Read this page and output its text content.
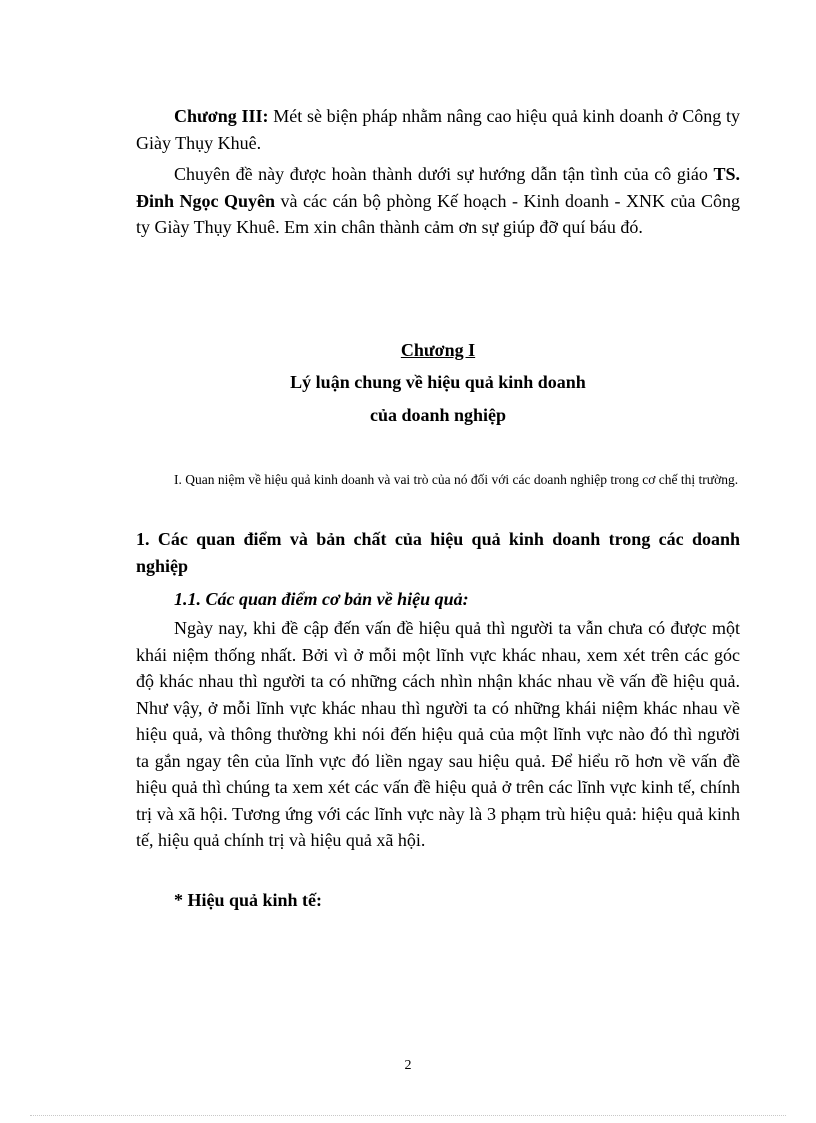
Chương III: Mét sè biện pháp nhằm nâng cao hiệu quả kinh doanh ở Công ty Giày Thụy Khuê.
Chuyên đề này được hoàn thành dưới sự hướng dẫn tận tình của cô giáo TS. Đinh Ngọc Quyên và các cán bộ phòng Kế hoạch - Kinh doanh - XNK của Công ty Giày Thụy Khuê. Em xin chân thành cảm ơn sự giúp đỡ quí báu đó.
Chương I
Lý luận chung về hiệu quả kinh doanh
của doanh nghiệp
I. Quan niệm về hiệu quả kinh doanh và vai trò của nó đối với các doanh nghiệp trong cơ chế thị trường.
1. Các quan điểm và bản chất của hiệu quả kinh doanh trong các doanh nghiệp
1.1. Các quan điểm cơ bản về hiệu quả:
Ngày nay, khi đề cập đến vấn đề hiệu quả thì người ta vẫn chưa có được một khái niệm thống nhất. Bởi vì ở mỗi một lĩnh vực khác nhau, xem xét trên các góc độ khác nhau thì người ta có những cách nhìn nhận khác nhau về vấn đề hiệu quả. Như vậy, ở mỗi lĩnh vực khác nhau thì người ta có những khái niệm khác nhau về hiệu quả, và thông thường khi nói đến hiệu quả của một lĩnh vực nào đó thì người ta gắn ngay tên của lĩnh vực đó liền ngay sau hiệu quả. Để hiểu rõ hơn về vấn đề hiệu quả thì chúng ta xem xét các vấn đề hiệu quả ở trên các lĩnh vực kinh tế, chính trị và xã hội. Tương ứng với các lĩnh vực này là 3 phạm trù hiệu quả: hiệu quả kinh tế, hiệu quả chính trị và hiệu quả xã hội.
* Hiệu quả kinh tế:
2
